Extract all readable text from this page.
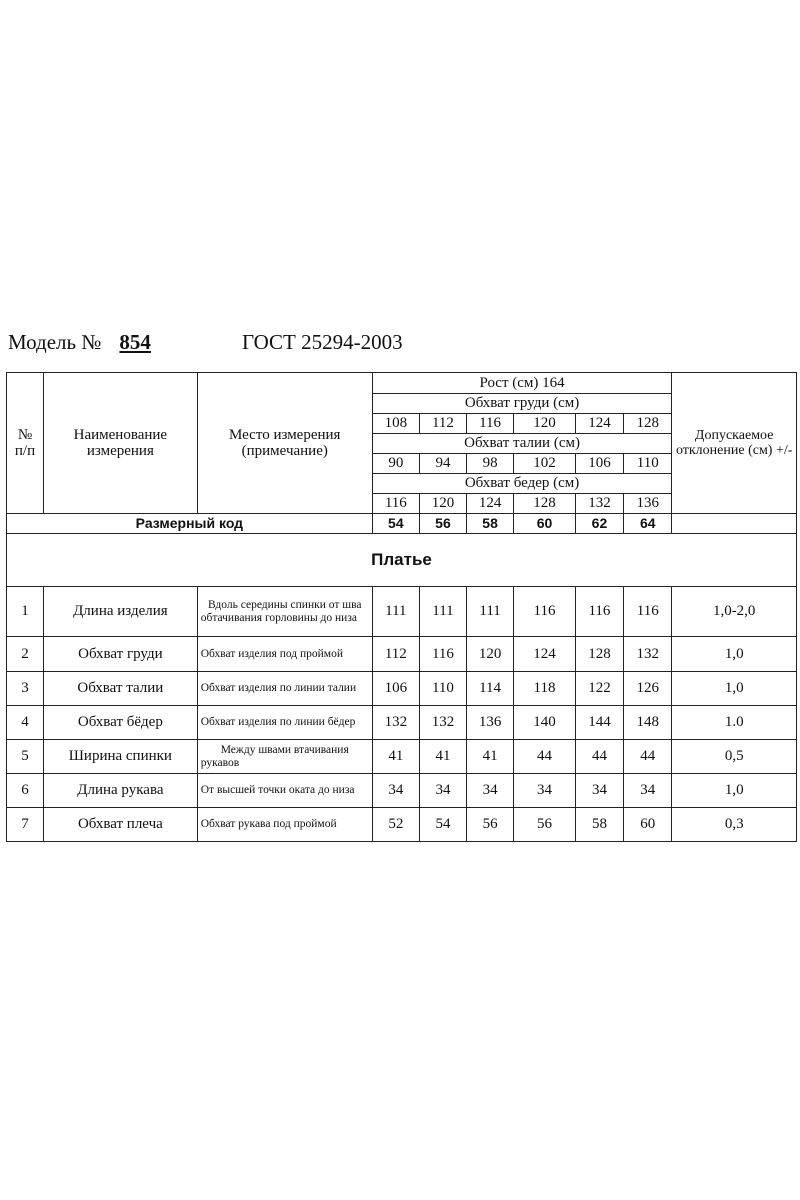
Модель № 854	ГОСТ 25294-2003
№ п/п	Наименование измерения	Место измерения (примечание)	Рост (см) 164						Допускаемое отклонение (см) +/-
			Обхват груди (см)						
			108	112	116	120	124	128	
			Обхват талии (см)						
			90	94	98	102	106	110	
			Обхват бедер (см)						
			116	120	124	128	132	136	
Размерный код			54	56	58	60	62	64	
Платье									
1	Длина изделия	Вдоль середины спинки от шва обтачивания горловины до низа	111	111	111	116	116	116	1,0-2,0
2	Обхват груди	Обхват изделия под проймой	112	116	120	124	128	132	1,0
3	Обхват талии	Обхват изделия по линии талии	106	110	114	118	122	126	1,0
4	Обхват бёдер	Обхват изделия по линии бёдер	132	132	136	140	144	148	1.0
5	Ширина спинки	Между швами втачивания рукавов	41	41	41	44	44	44	0,5
6	Длина рукава	От высшей точки оката до низа	34	34	34	34	34	34	1,0
7	Обхват плеча	Обхват рукава под проймой	52	54	56	56	58	60	0,3
